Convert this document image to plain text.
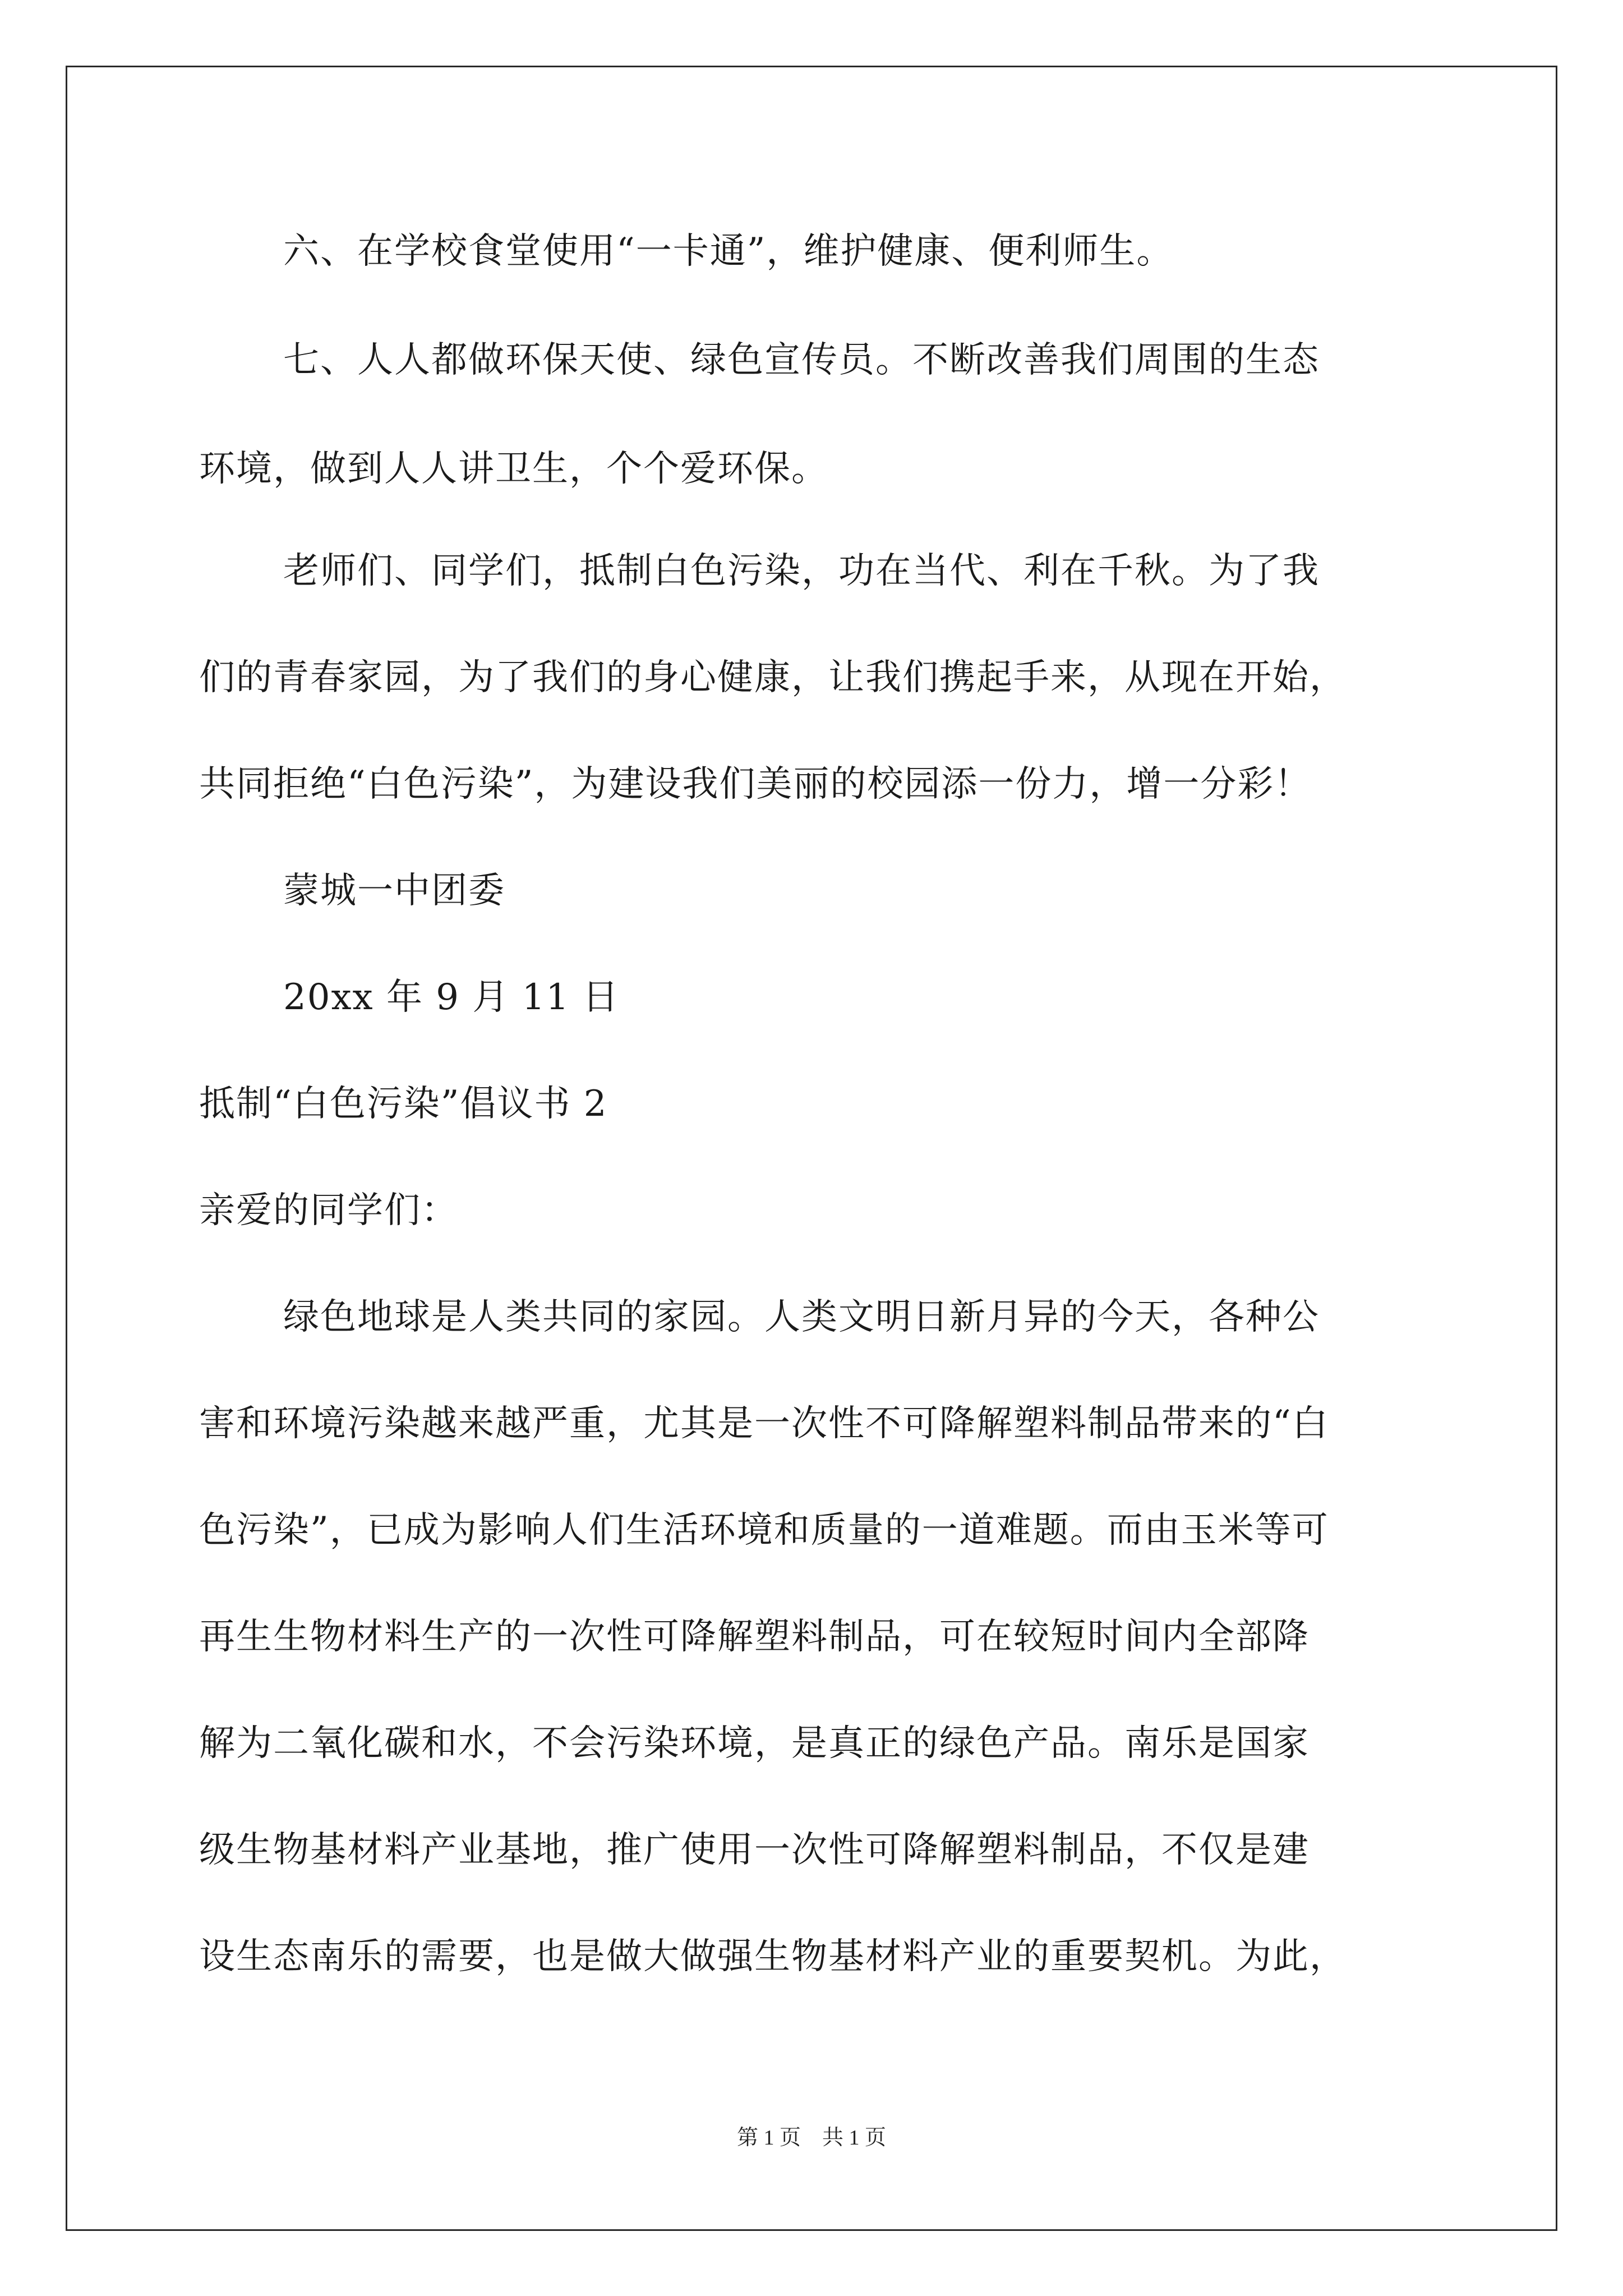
六、在学校食堂使用“一卡通”，维护健康、便利师生。
七、人人都做环保天使、绿色宣传员。不断改善我们周围的生态
环境，做到人人讲卫生，个个爱环保。
老师们、同学们，抵制白色污染，功在当代、利在千秋。为了我
们的青春家园，为了我们的身心健康，让我们携起手来，从现在开始，
共同拒绝“白色污染”，为建设我们美丽的校园添一份力，增一分彩！
蒙城一中团委
20xx 年 9 月 11 日
抵制“白色污染”倡议书 2
亲爱的同学们：
绿色地球是人类共同的家园。人类文明日新月异的今天，各种公
害和环境污染越来越严重，尤其是一次性不可降解塑料制品带来的“白
色污染”，已成为影响人们生活环境和质量的一道难题。而由玉米等可
再生生物材料生产的一次性可降解塑料制品，可在较短时间内全部降
解为二氧化碳和水，不会污染环境，是真正的绿色产品。南乐是国家
级生物基材料产业基地，推广使用一次性可降解塑料制品，不仅是建
设生态南乐的需要，也是做大做强生物基材料产业的重要契机。为此，
第 1 页　共 1 页
